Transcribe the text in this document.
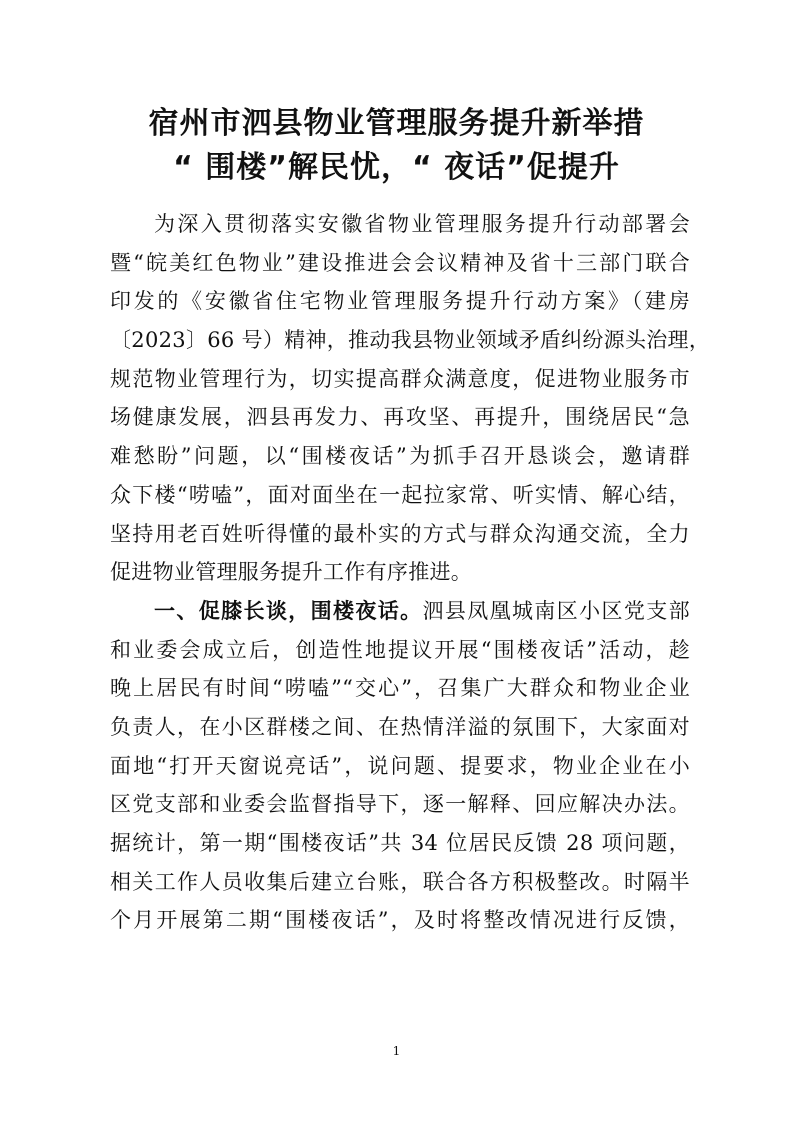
宿州市泗县物业管理服务提升新举措
“ 围楼”解民忧，“ 夜话”促提升
为深入贯彻落实安徽省物业管理服务提升行动部署会
暨“皖美红色物业”建设推进会会议精神及省十三部门联合
印发的《安徽省住宅物业管理服务提升行动方案》（建房
〔2023〕66 号）精神，推动我县物业领域矛盾纠纷源头治理，
规范物业管理行为，切实提高群众满意度，促进物业服务市
场健康发展，泗县再发力、再攻坚、再提升，围绕居民“急
难愁盼”问题，以“围楼夜话”为抓手召开恳谈会，邀请群
众下楼“唠嗑”，面对面坐在一起拉家常、听实情、解心结，
坚持用老百姓听得懂的最朴实的方式与群众沟通交流，全力
促进物业管理服务提升工作有序推进。
一、促膝长谈，围楼夜话。泗县凤凰城南区小区党支部
和业委会成立后，创造性地提议开展“围楼夜话”活动，趁
晚上居民有时间“唠嗑”“交心”，召集广大群众和物业企业
负责人，在小区群楼之间、在热情洋溢的氛围下，大家面对
面地“打开天窗说亮话”，说问题、提要求，物业企业在小
区党支部和业委会监督指导下，逐一解释、回应解决办法。
据统计，第一期“围楼夜话”共 34 位居民反馈 28 项问题，
相关工作人员收集后建立台账，联合各方积极整改。时隔半
个月开展第二期“围楼夜话”，及时将整改情况进行反馈，
1
